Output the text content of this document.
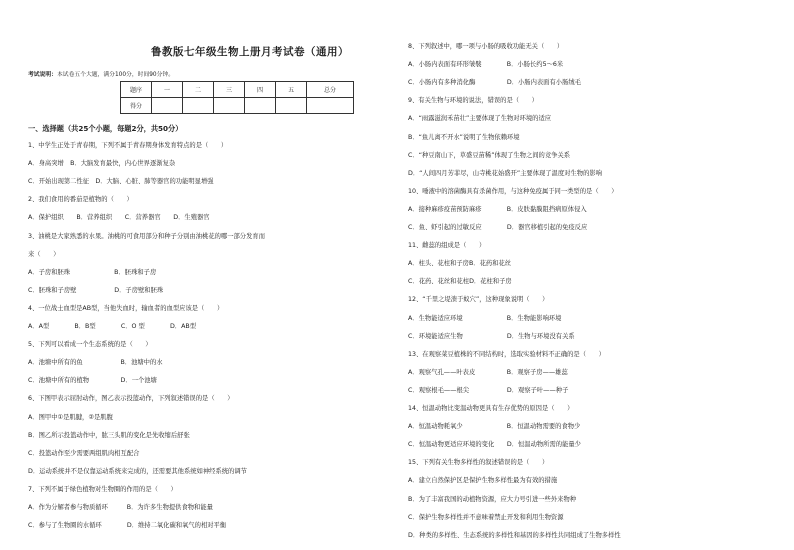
鲁教版七年级生物上册月考试卷（通用）
考试说明：本试卷五个大题，满分100分，时间90分钟。
题序	一	二	三	四	五	总分
得分						
一、选择题（共25个小题，每题2分，共50分）
1、中学生正处于青春期，下列不属于青春期身体发育特点的是（　　）
A．身高突增　B．大脑发育最快，内心世界逐渐复杂
C．开始出现第二性征　D．大脑、心脏、肺等器官的功能明显增强
2、我们食用的番茄是植物的（　　）
A．保护组织　　B．营养组织　　C．营养器官　　D．生殖器官
3、油桃是大家熟悉的水果。油桃的可食用部分和种子分别由油桃花的哪一部分发育而
来（　　）
A．子房和胚珠　　　　　　　B．胚珠和子房
C．胚珠和子房壁　　　　　　D．子房壁和胚珠
4、一位战士血型是AB型，当他失血时，输血者的血型应该是（　　）
A．A型　　　　B．B型　　　　C．O 型　　　　D．AB型
5、下列可以看成一个生态系统的是（　　）
A．池塘中所有的鱼　　　　　　B．池塘中的水
C．池塘中所有的植物　　　　　D．一个池塘
6、下图甲表示屈肘动作，图乙表示投篮动作，下列叙述错误的是（　　）
A．图甲中①是肌腱，②是肌腹
B．图乙所示投篮动作中，肱三头肌的变化是先收缩后舒张
C．投篮动作至少需要两组肌肉相互配合
D．运动系统并不是仅靠运动系统来完成的，还需要其他系统如神经系统的调节
7、下列不属于绿色植物对生物圈的作用的是（　　）
A．作为分解者参与物质循环　　　B．为许多生物提供食物和能量
C．参与了生物圈的水循环　　　　D．维持二氧化碳和氧气的相对平衡
8、下列叙述中，哪一项与小肠的吸收功能无关（　　）
A．小肠内表面有环形皱襞　　　　B．小肠长约5～6米
C．小肠内有多种消化酶　　　　　D．小肠内表面有小肠绒毛
9、有关生物与环境的说法，错误的是（　　）
A．“雨露滋润禾苗壮”主要体现了生物对环境的适应
B．“鱼儿离不开水”说明了生物依赖环境
C．“种豆南山下，草盛豆苗稀”体现了生物之间的竞争关系
D．“人间四月芳菲尽，山寺桃花始盛开”主要体现了温度对生物的影响
10、唾液中的溶菌酶具有杀菌作用，与这种免疫属于同一类型的是（　　）
A．接种麻疹疫苗预防麻疹　　　　B．皮肤黏膜阻挡病原体侵入
C．鱼、虾引起的过敏反应　　　　D．器官移植引起的免疫反应
11、雌蕊的组成是（　　）
A．柱头、花柱和子房B．花药和花丝
C．花药、花丝和花柱D．花柱和子房
12、“千里之堤溃于蚁穴”，这种现象说明（　　）
A．生物能适应环境　　　　　　　B．生物能影响环境
C．环境能适应生物　　　　　　　D．生物与环境没有关系
13、在观察菜豆植株的不同结构时，选取实验材料不正确的是（　　）
A．观察气孔——叶表皮　　　　　B．观察子房——雄蕊
C．观察根毛——根尖　　　　　　D．观察子叶——种子
14、恒温动物比变温动物更具有生存优势的原因是（　　）
A．恒温动物耗氧少　　　　　　　B．恒温动物需要的食物少
C．恒温动物更适应环境的变化　　D．恒温动物所需的能量少
15、下列有关生物多样性的叙述错误的是（　　）
A．建立自然保护区是保护生物多样性最为有效的措施
B．为了丰富我国的动植物资源，应大力号引进一些外来物种
C．保护生物多样性并不意味着禁止开发和利用生物资源
D．种类的多样性、生态系统的多样性和基因的多样性共同组成了生物多样性
